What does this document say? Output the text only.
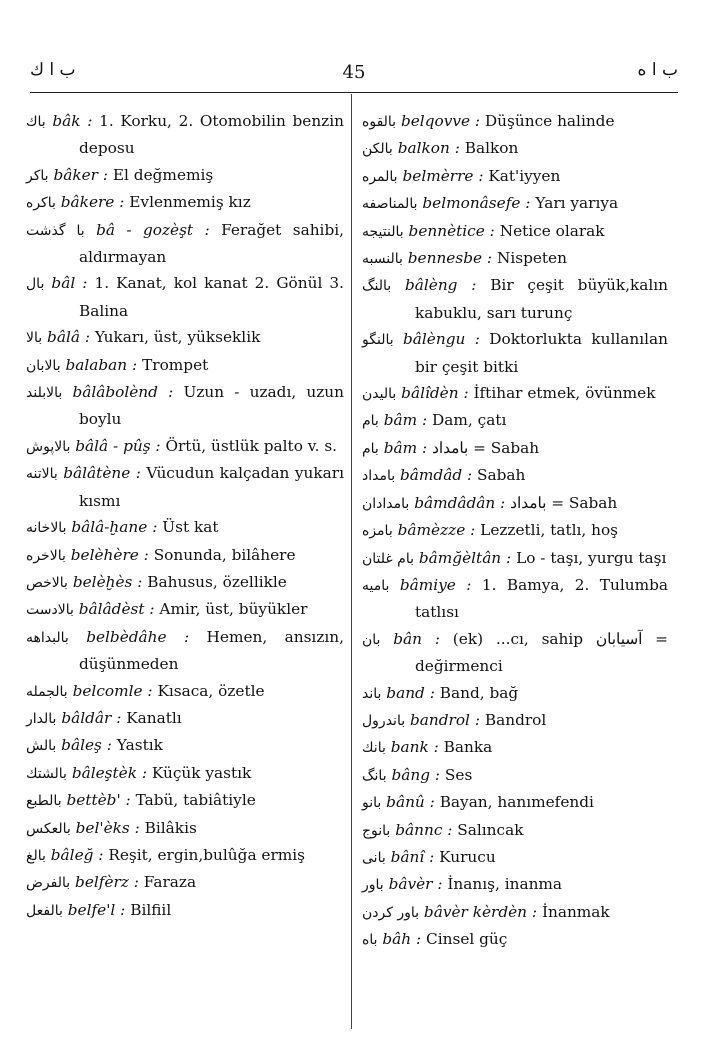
ب ا ك	45	ب ا ه
باك bâk : 1. Korku, 2. Otomobilin benzin deposu
باكر bâker : El değmemiş
باكره bâkere : Evlenmemiş kız
با گذشت bâ - gozèşt : Ferağet sahibi, aldırmayan
بال bâl : 1. Kanat, kol kanat 2. Gönül 3. Balina
بالا bâlâ : Yukarı, üst, yükseklik
بالابان balaban : Trompet
بالابلند bâlâbolènd : Uzun - uzadı, uzun boylu
بالاپوش bâlâ - pûş : Örtü, üstlük palto v. s.
بالاتنه bâlâtène : Vücudun kalçadan yukarı kısmı
بالاخانه bâlâ-ḫane : Üst kat
بالاخره belèhère : Sonunda, bilâhere
بالاخص belèḫès : Bahusus, özellikle
بالادست bâlâdèst : Amir, üst, büyükler
بالبداهه belbèdâhe : Hemen, ansızın, düşünmeden
بالجمله belcomle : Kısaca, özetle
بالدار bâldâr : Kanatlı
بالش bâleş : Yastık
بالشتك bâleştèk : Küçük yastık
بالطبع bettèb' : Tabü, tabiâtiyle
بالعكس bel'èks : Bilâkis
بالغ bâleğ : Reşit, ergin,bulûğa ermiş
بالفرض belfèrz : Faraza
بالفعل belfe'l : Bilfiil
بالقوه belqovve : Düşünce halinde
بالكن balkon : Balkon
بالمره belmèrre : Kat'iyyen
بالمناصفه belmonâsefe : Yarı yarıya
بالنتيجه bennètice : Netice olarak
بالنسبه bennesbe : Nispeten
بالنگ bâlèng : Bir çeşit büyük,kalın kabuklu, sarı turunç
بالنگو bâlèngu : Doktorlukta kullanılan bir çeşit bitki
باليدن bâlîdèn : İftihar etmek, övünmek
بام bâm : Dam, çatı
بام bâm : بامداد = Sabah
بامداد bâmdâd : Sabah
بامدادان bâmdâdân : بامداد = Sabah
بامزه bâmèzze : Lezzetli, tatlı, hoş
بام غلتان bâmğèltân : Lo - taşı, yurgu taşı
باميه bâmiye : 1. Bamya, 2. Tulumba tatlısı
بان bân : (ek) ...cı, sahip آسيابان = değirmenci
باند band : Band, bağ
باندرول bandrol : Bandrol
بانك bank : Banka
بانگ bâng : Ses
بانو bânû : Bayan, hanımefendi
بانوج bânnc : Salıncak
بانى bânî : Kurucu
باور bâvèr : İnanış, inanma
باور كردن bâvèr kèrdèn : İnanmak
باه bâh : Cinsel güç
